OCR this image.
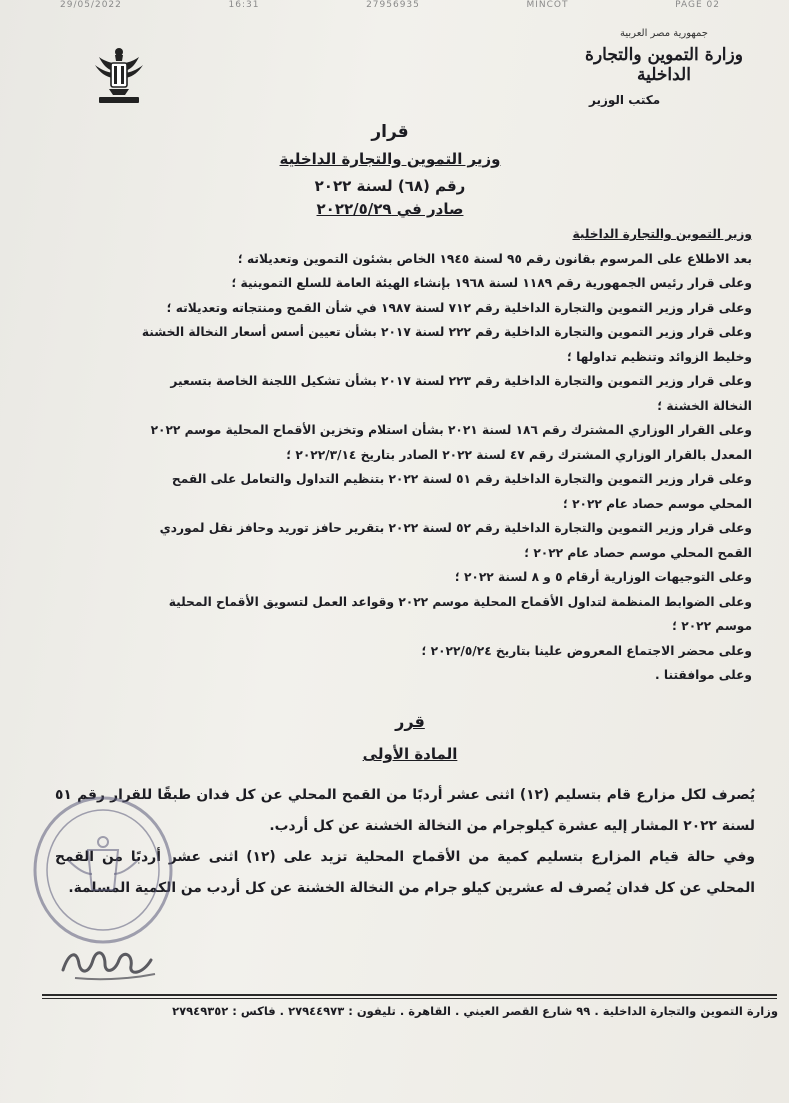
29/05/2022	16:31	27956935	MINCOT	PAGE 02
جمهورية مصر العربية
وزارة التموين والتجارة الداخلية
مكتب الوزير
قرار
وزير التموين والتجارة الداخلية
رقم (٦٨) لسنة ٢٠٢٢
صادر في ٢٠٢٢/٥/٢٩

وزير التموين والتجارة الداخلية

بعد الاطلاع على المرسوم بقانون رقم ٩٥ لسنة ١٩٤٥ الخاص بشئون التموين وتعديلاته ؛

وعلى قرار رئيس الجمهورية رقم ١١٨٩ لسنة ١٩٦٨ بإنشاء الهيئة العامة للسلع التموينية ؛

وعلى قرار وزير التموين والتجارة الداخلية رقم ٧١٢ لسنة ١٩٨٧ في شأن القمح ومنتجاته وتعديلاته ؛

وعلى قرار وزير التموين والتجارة الداخلية رقم ٢٢٢ لسنة ٢٠١٧ بشأن تعيين أسس أسعار النخالة الخشنة

وخليط الزوائد وتنظيم تداولها ؛

وعلى قرار وزير التموين والتجارة الداخلية رقم ٢٢٣ لسنة ٢٠١٧ بشأن تشكيل اللجنة الخاصة بتسعير

النخالة الخشنة ؛

وعلى القرار الوزاري المشترك رقم ١٨٦ لسنة ٢٠٢١ بشأن استلام وتخزين الأقماح المحلية موسم ٢٠٢٢

المعدل بالقرار الوزاري المشترك رقم ٤٧ لسنة ٢٠٢٢ الصادر بتاريخ ٢٠٢٢/٣/١٤ ؛

وعلى قرار وزير التموين والتجارة الداخلية رقم ٥١ لسنة ٢٠٢٢ بتنظيم التداول والتعامل على القمح

المحلي موسم حصاد عام ٢٠٢٢ ؛

وعلى قرار وزير التموين والتجارة الداخلية رقم ٥٢ لسنة ٢٠٢٢ بتقرير حافز توريد وحافز نقل لموردي

القمح المحلي موسم حصاد عام ٢٠٢٢ ؛

وعلى التوجيهات الوزارية أرقام ٥ و ٨ لسنة ٢٠٢٢ ؛

وعلى الضوابط المنظمة لتداول الأقماح المحلية موسم ٢٠٢٢ وقواعد العمل لتسويق الأقماح المحلية

موسم ٢٠٢٢ ؛

وعلى محضر الاجتماع المعروض علينا بتاريخ ٢٠٢٢/٥/٢٤ ؛

وعلى موافقتنا .

قرر
المادة الأولى

يُصرف لكل مزارع قام بتسليم (١٢) اثنى عشر أردبًا من القمح المحلي عن كل فدان طبقًا للقرار رقم ٥١ لسنة ٢٠٢٢ المشار إليه عشرة كيلوجرام من النخالة الخشنة عن كل أردب.

وفي حالة قيام المزارع بتسليم كمية من الأقماح المحلية تزيد على (١٢) اثنى عشر أردبًا من القمح المحلي عن كل فدان يُصرف له عشرين كيلو جرام من النخالة الخشنة عن كل أردب من الكمية المسلمة.

وزارة التموين والتجارة الداخلية . ٩٩ شارع القصر العيني . القاهرة . تليفون : ٢٧٩٤٤٩٧٣ . فاكس : ٢٧٩٤٩٣٥٢
